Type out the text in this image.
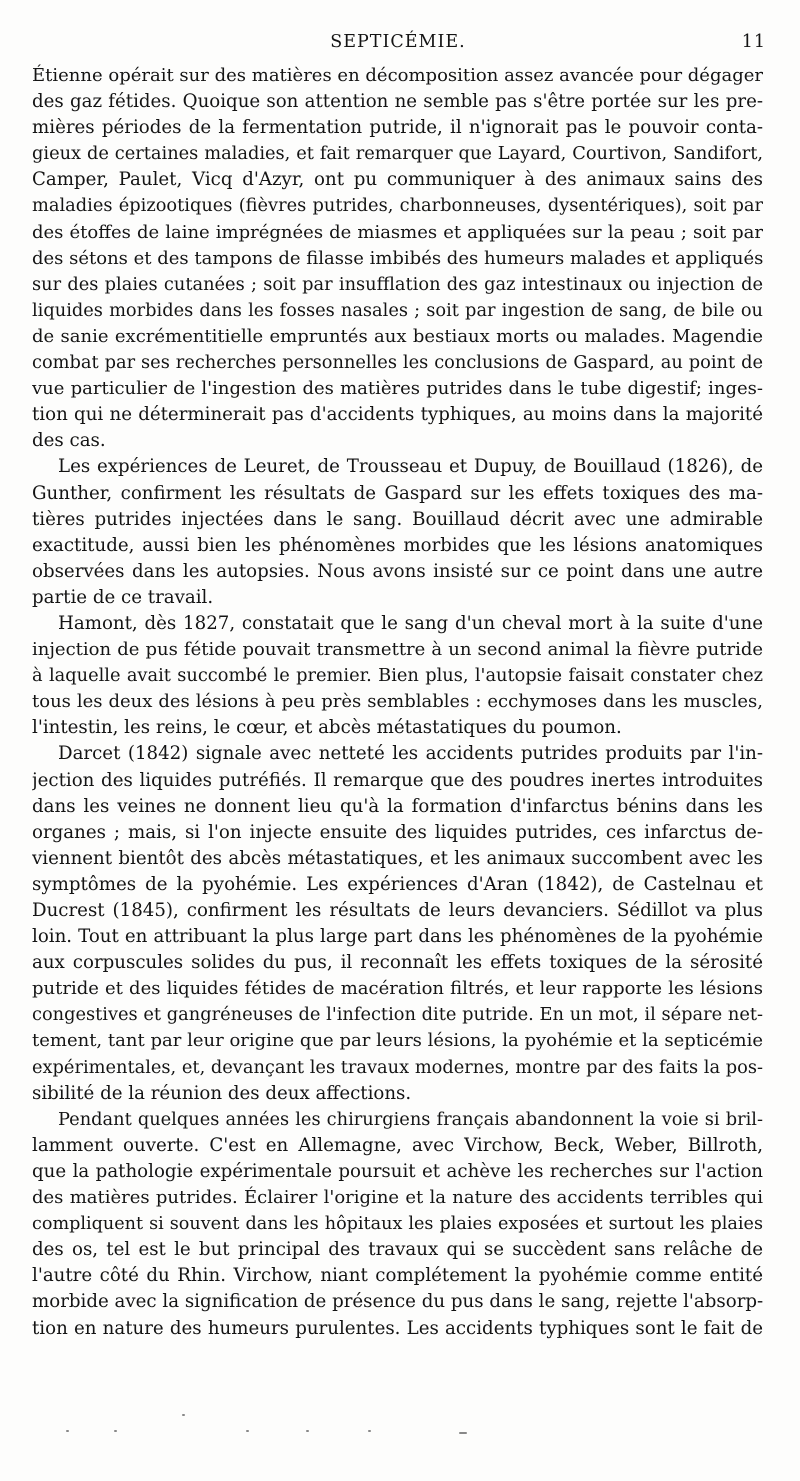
SEPTICÉMIE.	11
Étienne opérait sur des matières en décomposition assez avancée pour dégager
des gaz fétides. Quoique son attention ne semble pas s'être portée sur les pre-
mières périodes de la fermentation putride, il n'ignorait pas le pouvoir conta-
gieux de certaines maladies, et fait remarquer que Layard, Courtivon, Sandifort,
Camper, Paulet, Vicq d'Azyr, ont pu communiquer à des animaux sains des
maladies épizootiques (fièvres putrides, charbonneuses, dysentériques), soit par
des étoffes de laine imprégnées de miasmes et appliquées sur la peau ; soit par
des sétons et des tampons de filasse imbibés des humeurs malades et appliqués
sur des plaies cutanées ; soit par insufflation des gaz intestinaux ou injection de
liquides morbides dans les fosses nasales ; soit par ingestion de sang, de bile ou
de sanie excrémentitielle empruntés aux bestiaux morts ou malades. Magendie
combat par ses recherches personnelles les conclusions de Gaspard, au point de
vue particulier de l'ingestion des matières putrides dans le tube digestif; inges-
tion qui ne déterminerait pas d'accidents typhiques, au moins dans la majorité
des cas.
Les expériences de Leuret, de Trousseau et Dupuy, de Bouillaud (1826), de
Gunther, confirment les résultats de Gaspard sur les effets toxiques des ma-
tières putrides injectées dans le sang. Bouillaud décrit avec une admirable
exactitude, aussi bien les phénomènes morbides que les lésions anatomiques
observées dans les autopsies. Nous avons insisté sur ce point dans une autre
partie de ce travail.
Hamont, dès 1827, constatait que le sang d'un cheval mort à la suite d'une
injection de pus fétide pouvait transmettre à un second animal la fièvre putride
à laquelle avait succombé le premier. Bien plus, l'autopsie faisait constater chez
tous les deux des lésions à peu près semblables : ecchymoses dans les muscles,
l'intestin, les reins, le cœur, et abcès métastatiques du poumon.
Darcet (1842) signale avec netteté les accidents putrides produits par l'in-
jection des liquides putréfiés. Il remarque que des poudres inertes introduites
dans les veines ne donnent lieu qu'à la formation d'infarctus bénins dans les
organes ; mais, si l'on injecte ensuite des liquides putrides, ces infarctus de-
viennent bientôt des abcès métastatiques, et les animaux succombent avec les
symptômes de la pyohémie. Les expériences d'Aran (1842), de Castelnau et
Ducrest (1845), confirment les résultats de leurs devanciers. Sédillot va plus
loin. Tout en attribuant la plus large part dans les phénomènes de la pyohémie
aux corpuscules solides du pus, il reconnaît les effets toxiques de la sérosité
putride et des liquides fétides de macération filtrés, et leur rapporte les lésions
congestives et gangréneuses de l'infection dite putride. En un mot, il sépare net-
tement, tant par leur origine que par leurs lésions, la pyohémie et la septicémie
expérimentales, et, devançant les travaux modernes, montre par des faits la pos-
sibilité de la réunion des deux affections.
Pendant quelques années les chirurgiens français abandonnent la voie si bril-
lamment ouverte. C'est en Allemagne, avec Virchow, Beck, Weber, Billroth,
que la pathologie expérimentale poursuit et achève les recherches sur l'action
des matières putrides. Éclairer l'origine et la nature des accidents terribles qui
compliquent si souvent dans les hôpitaux les plaies exposées et surtout les plaies
des os, tel est le but principal des travaux qui se succèdent sans relâche de
l'autre côté du Rhin. Virchow, niant complétement la pyohémie comme entité
morbide avec la signification de présence du pus dans le sang, rejette l'absorp-
tion en nature des humeurs purulentes. Les accidents typhiques sont le fait de
